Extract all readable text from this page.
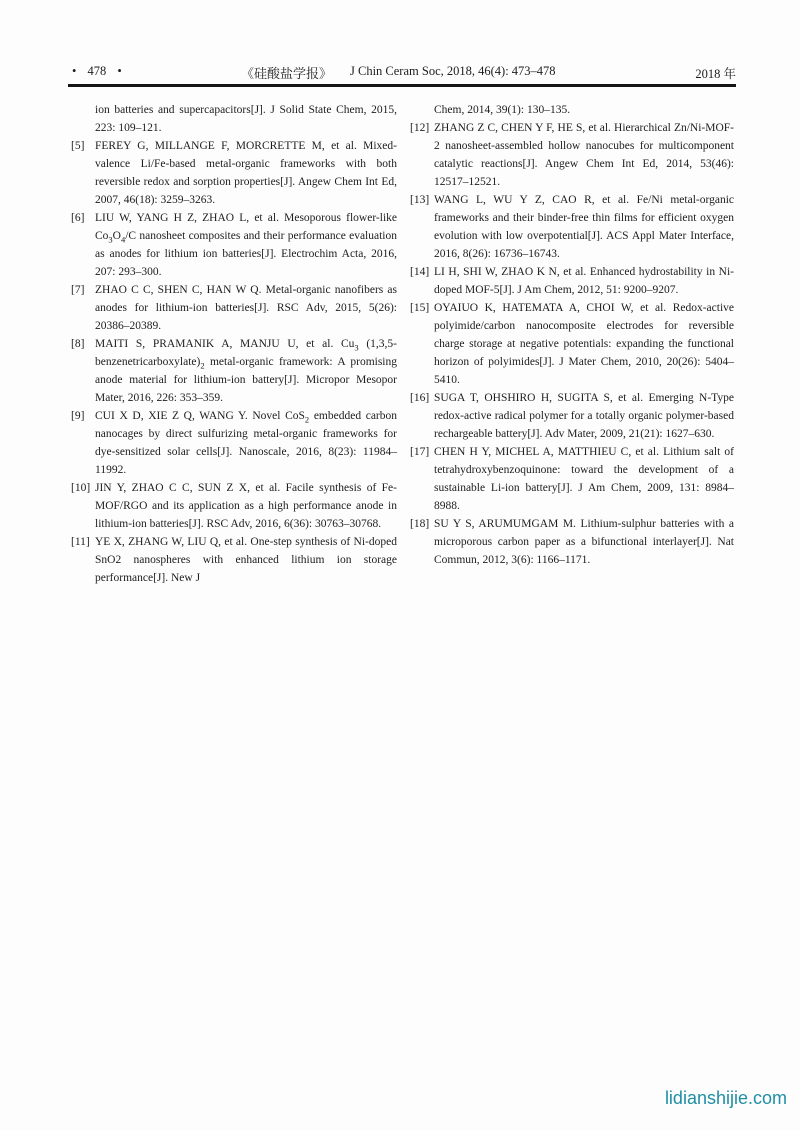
• 478 •	《硅酸盐学报》 J Chin Ceram Soc, 2018, 46(4): 473–478	2018 年

ion batteries and supercapacitors[J]. J Solid State Chem, 2015, 223: 109–121.

[5] FEREY G, MILLANGE F, MORCRETTE M, et al. Mixed-valence Li/Fe-based metal-organic frameworks with both reversible redox and sorption properties[J]. Angew Chem Int Ed, 2007, 46(18): 3259–3263.

[6] LIU W, YANG H Z, ZHAO L, et al. Mesoporous flower-like $Co_3O_4/C$ nanosheet composites and their performance evaluation as anodes for lithium ion batteries[J]. Electrochim Acta, 2016, 207: 293–300.

[7] ZHAO C C, SHEN C, HAN W Q. Metal-organic nanofibers as anodes for lithium-ion batteries[J]. RSC Adv, 2015, 5(26): 20386–20389.

[8] MAITI S, PRAMANIK A, MANJU U, et al. $Cu_3$ $(1,3,5-benzenetricarboxylate)_2$ metal-organic framework: A promising anode material for lithium-ion battery[J]. Micropor Mesopor Mater, 2016, 226: 353–359.

[9] CUI X D, XIE Z Q, WANG Y. Novel CoS$_2$ embedded carbon nanocages by direct sulfurizing metal-organic frameworks for dye-sensitized solar cells[J]. Nanoscale, 2016, 8(23): 11984–11992.

[10] JIN Y, ZHAO C C, SUN Z X, et al. Facile synthesis of Fe-MOF/RGO and its application as a high performance anode in lithium-ion batteries[J]. RSC Adv, 2016, 6(36): 30763–30768.

[11] YE X, ZHANG W, LIU Q, et al. One-step synthesis of Ni-doped SnO2 nanospheres with enhanced lithium ion storage performance[J]. New J

Chem, 2014, 39(1): 130–135.

[12] ZHANG Z C, CHEN Y F, HE S, et al. Hierarchical Zn/Ni-MOF-2 nanosheet-assembled hollow nanocubes for multicomponent catalytic reactions[J]. Angew Chem Int Ed, 2014, 53(46): 12517–12521.

[13] WANG L, WU Y Z, CAO R, et al. Fe/Ni metal-organic frameworks and their binder-free thin films for efficient oxygen evolution with low overpotential[J]. ACS Appl Mater Interface, 2016, 8(26): 16736–16743.

[14] LI H, SHI W, ZHAO K N, et al. Enhanced hydrostability in Ni-doped MOF-5[J]. J Am Chem, 2012, 51: 9200–9207.

[15] OYAIUO K, HATEMATA A, CHOI W, et al. Redox-active polyimide/carbon nanocomposite electrodes for reversible charge storage at negative potentials: expanding the functional horizon of polyimides[J]. J Mater Chem, 2010, 20(26): 5404–5410.

[16] SUGA T, OHSHIRO H, SUGITA S, et al. Emerging N-Type redox-active radical polymer for a totally organic polymer-based rechargeable battery[J]. Adv Mater, 2009, 21(21): 1627–630.

[17] CHEN H Y, MICHEL A, MATTHIEU C, et al. Lithium salt of tetrahydroxybenzoquinone: toward the development of a sustainable Li-ion battery[J]. J Am Chem, 2009, 131: 8984–8988.

[18] SU Y S, ARUMUMGAM M. Lithium-sulphur batteries with a microporous carbon paper as a bifunctional interlayer[J]. Nat Commun, 2012, 3(6): 1166–1171.

lidianshijie.com
